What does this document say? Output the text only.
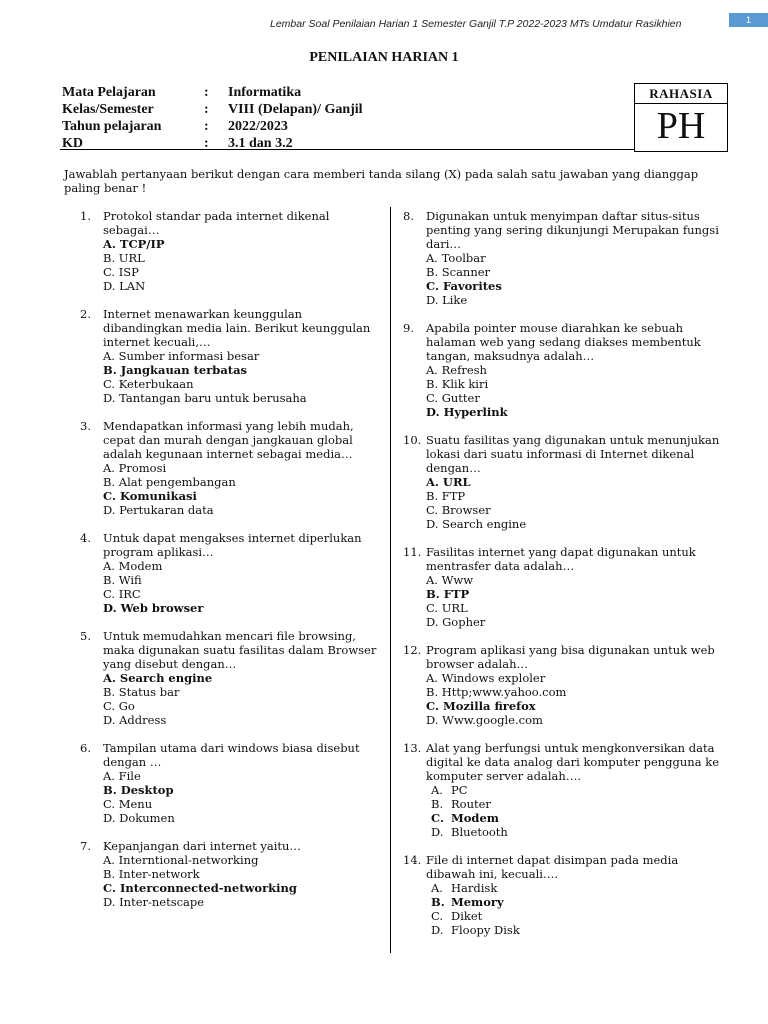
Lembar Soal Penilaian Harian 1 Semester Ganjil T.P 2022-2023 MTs Umdatur Rasikhien	1
PENILAIAN HARIAN 1
Mata Pelajaran	:	Informatika
Kelas/Semester	:	VIII (Delapan)/ Ganjil
Tahun pelajaran	:	2022/2023
KD	:	3.1 dan 3.2
RAHASIA
PH
Jawablah pertanyaan berikut dengan cara memberi tanda silang (X) pada salah satu jawaban yang dianggap paling benar !
1.	Protokol standar pada internet dikenal sebagai…
A. TCP/IP
B. URL
C. ISP
D. LAN
2.	Internet menawarkan keunggulan dibandingkan media lain. Berikut keunggulan internet kecuali,…
A. Sumber informasi besar
B. Jangkauan terbatas
C. Keterbukaan
D. Tantangan baru untuk berusaha
3.	Mendapatkan informasi yang lebih mudah, cepat dan murah dengan jangkauan global adalah kegunaan internet sebagai media…
A. Promosi
B. Alat pengembangan
C. Komunikasi
D. Pertukaran data
4.	Untuk dapat mengakses internet diperlukan program aplikasi…
A. Modem
B. Wifi
C. IRC
D. Web browser
5.	Untuk memudahkan mencari file browsing, maka digunakan suatu fasilitas dalam Browser yang disebut dengan…
A. Search engine
B. Status bar
C. Go
D. Address
6.	Tampilan utama dari windows biasa disebut dengan …
A. File
B. Desktop
C. Menu
D. Dokumen
7.	Kepanjangan dari internet yaitu…
A. Interntional-networking
B. Inter-network
C. Interconnected-networking
D. Inter-netscape
8.	Digunakan untuk menyimpan daftar situs-situs penting yang sering dikunjungi Merupakan fungsi dari…
A. Toolbar
B. Scanner
C. Favorites
D. Like
9.	Apabila pointer mouse diarahkan ke sebuah halaman web yang sedang diakses membentuk tangan, maksudnya adalah…
A. Refresh
B. Klik kiri
C. Gutter
D. Hyperlink
10. Suatu fasilitas yang digunakan untuk menunjukan lokasi dari suatu informasi di Internet dikenal dengan…
A. URL
B. FTP
C. Browser
D. Search engine
11. Fasilitas internet yang dapat digunakan untuk mentrasfer data adalah…
A. Www
B. FTP
C. URL
D. Gopher
12. Program aplikasi yang bisa digunakan untuk web browser adalah…
A. Windows exploler
B. Http;www.yahoo.com
C. Mozilla firefox
D. Www.google.com
13. Alat yang berfungsi untuk mengkonversikan data digital ke data analog dari komputer pengguna ke komputer server adalah….
A. PC
B. Router
C. Modem
D. Bluetooth
14. File di internet dapat disimpan pada media dibawah ini, kecuali….
A. Hardisk
B. Memory
C. Diket
D. Floopy Disk
